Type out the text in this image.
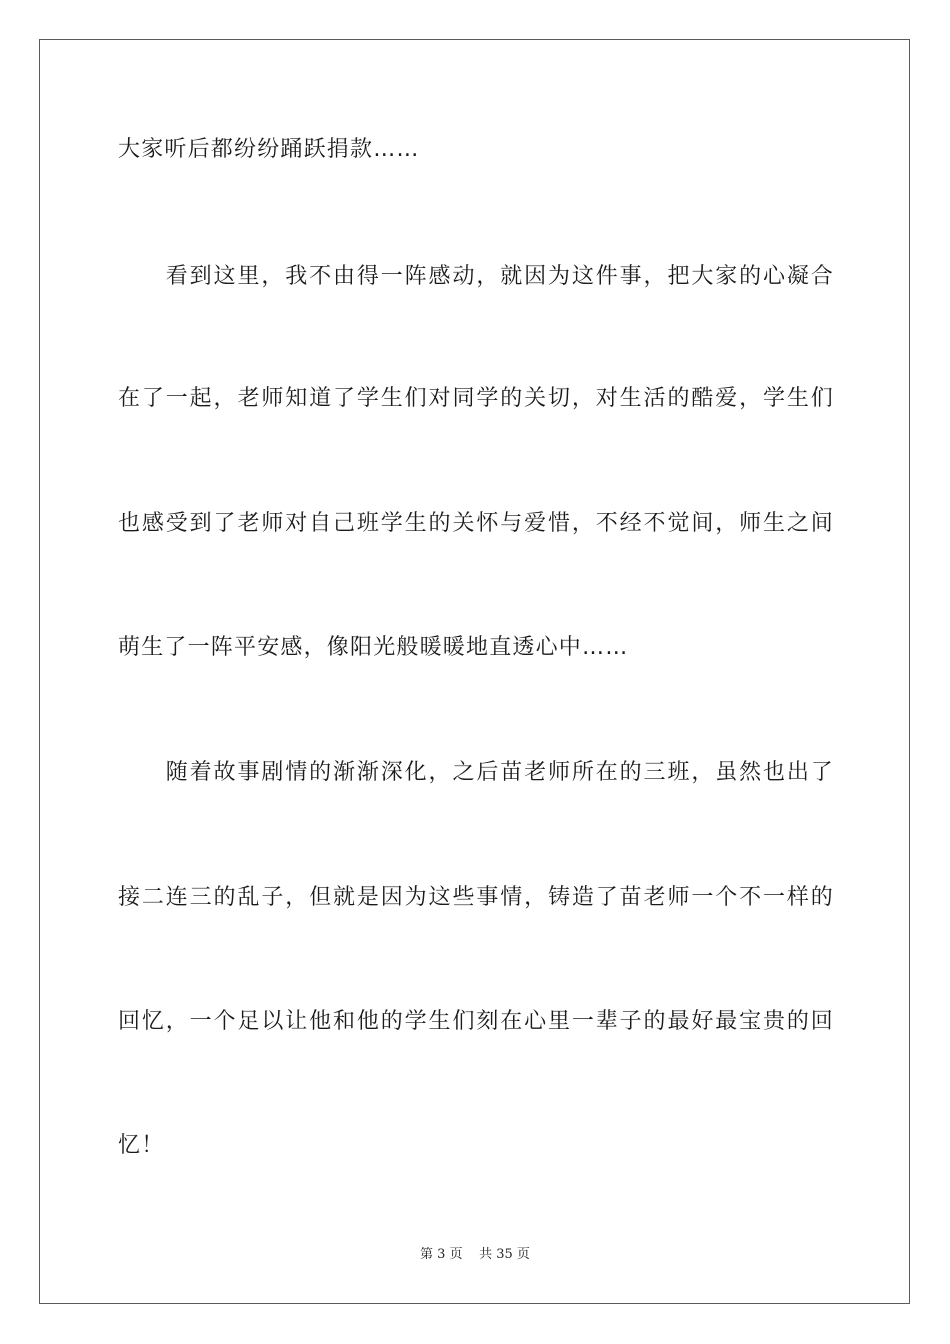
大家听后都纷纷踊跃捐款……

　　看到这里，我不由得一阵感动，就因为这件事，把大家的心凝合

在了一起，老师知道了学生们对同学的关切，对生活的酷爱，学生们

也感受到了老师对自己班学生的关怀与爱惜，不经不觉间，师生之间

萌生了一阵平安感，像阳光般暖暖地直透心中……

　　随着故事剧情的渐渐深化，之后苗老师所在的三班，虽然也出了

接二连三的乱子，但就是因为这些事情，铸造了苗老师一个不一样的

回忆，一个足以让他和他的学生们刻在心里一辈子的最好最宝贵的回

忆！

第 3 页 共 35 页
